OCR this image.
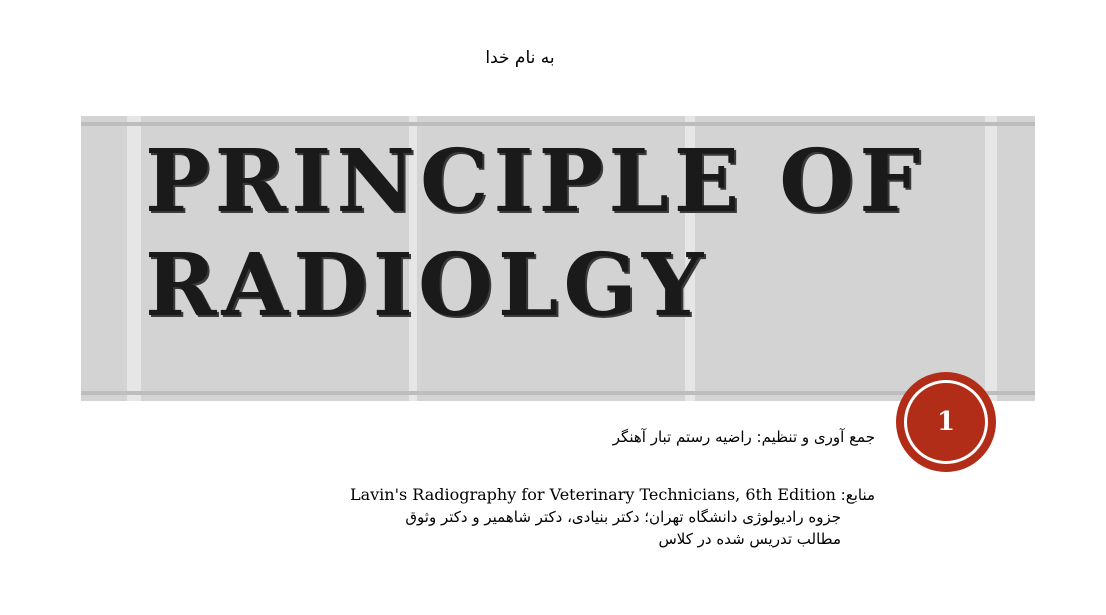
به نام خدا
PRINCIPLE OF
RADIOLGY
1
جمع آوری و تنظیم: راضیه رستم تبار آهنگر
منابع: Lavin's Radiography for Veterinary Technicians, 6th Edition
جزوه رادیولوژی دانشگاه تهران؛ دکتر بنیادی، دکتر شاهمیر و دکتر وثوق
مطالب تدریس شده در کلاس
